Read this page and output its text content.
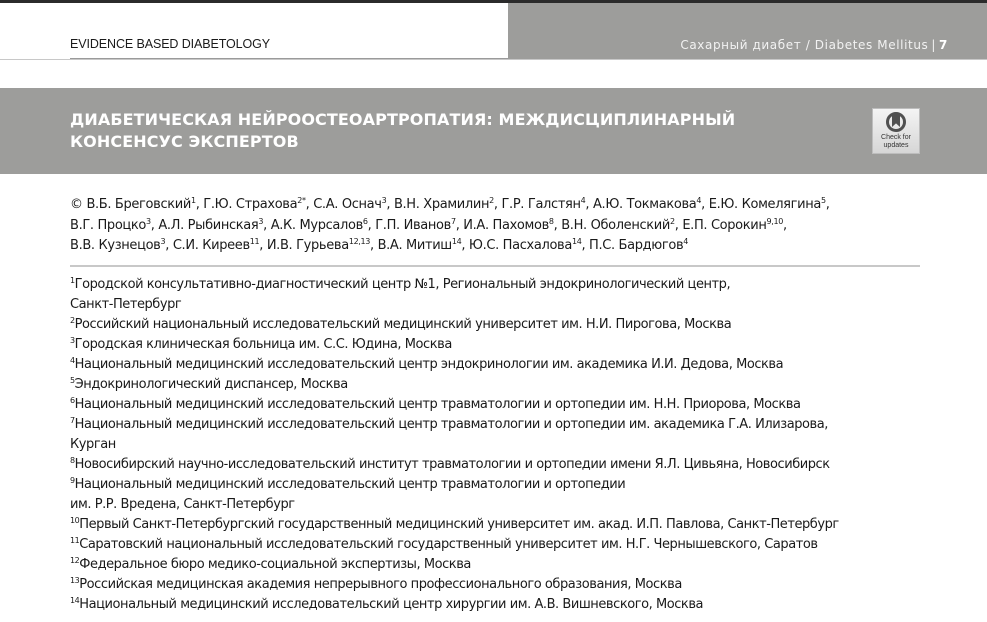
EVIDENCE BASED DIABETOLOGY	Сахарный диабет / Diabetes Mellitus | 7
ДИАБЕТИЧЕСКАЯ НЕЙРООСТЕОАРТРОПАТИЯ: МЕЖДИСЦИПЛИНАРНЫЙ КОНСЕНСУС ЭКСПЕРТОВ	Check for
updates
© В.Б. Бреговский$^1$, Г.Ю. Страхова$^{2*}$, С.А. Оснач$^3$, В.Н. Храмилин$^2$, Г.Р. Галстян$^4$, А.Ю. Токмакова$^4$, Е.Ю. Комелягина$^5$,
В.Г. Процко$^3$, А.Л. Рыбинская$^3$, А.К. Мурсалов$^6$, Г.П. Иванов$^7$, И.А. Пахомов$^8$, В.Н. Оболенский$^2$, Е.П. Сорокин$^{9,10}$,
В.В. Кузнецов$^3$, С.И. Киреев$^{11}$, И.В. Гурьева$^{12,13}$, В.А. Митиш$^{14}$, Ю.С. Пасхалова$^{14}$, П.С. Бардюгов$^4$

$^1$Городской консультативно-диагностический центр №1, Региональный эндокринологический центр,
Санкт-Петербург

$^2$Российский национальный исследовательский медицинский университет им. Н.И. Пирогова, Москва

$^3$Городская клиническая больница им. С.С. Юдина, Москва

$^4$Национальный медицинский исследовательский центр эндокринологии им. академика И.И. Дедова, Москва

$^5$Эндокринологический диспансер, Москва

$^6$Национальный медицинский исследовательский центр травматологии и ортопедии им. Н.Н. Приорова, Москва

$^7$Национальный медицинский исследовательский центр травматологии и ортопедии им. академика Г.А. Илизарова,
Курган

$^8$Новосибирский научно-исследовательский институт травматологии и ортопедии имени Я.Л. Цивьяна, Новосибирск

$^9$Национальный медицинский исследовательский центр травматологии и ортопедии
им. Р.Р. Вредена, Санкт-Петербург

$^{10}$Первый Санкт-Петербургский государственный медицинский университет им. акад. И.П. Павлова, Санкт-Петербург

$^{11}$Саратовский национальный исследовательский государственный университет им. Н.Г. Чернышевского, Саратов

$^{12}$Федеральное бюро медико-социальной экспертизы, Москва

$^{13}$Российская медицинская академия непрерывного профессионального образования, Москва

$^{14}$Национальный медицинский исследовательский центр хирургии им. А.В. Вишневского, Москва
